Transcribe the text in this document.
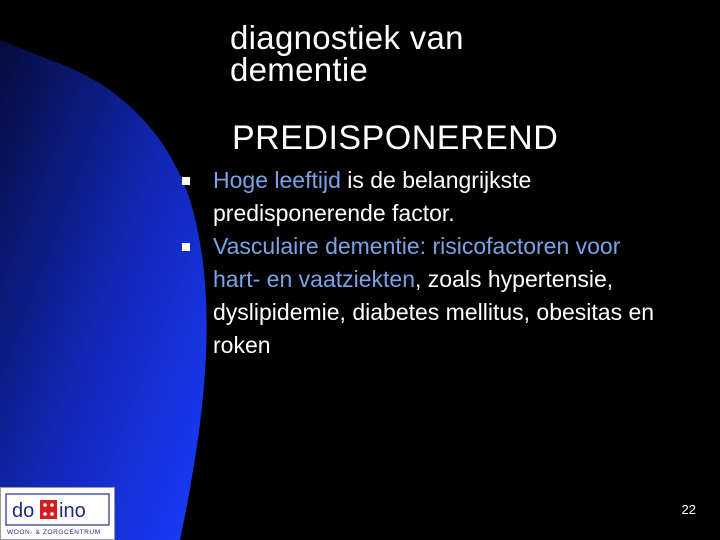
diagnostiek van
dementie
PREDISPONEREND
Hoge leeftijd is de belangrijkste predisponerende factor.
Vasculaire dementie: risicofactoren voor hart- en vaatziekten, zoals hypertensie, dyslipidemie, diabetes mellitus, obesitas en roken
do ino
WOON- & ZORGCENTRUM
22
